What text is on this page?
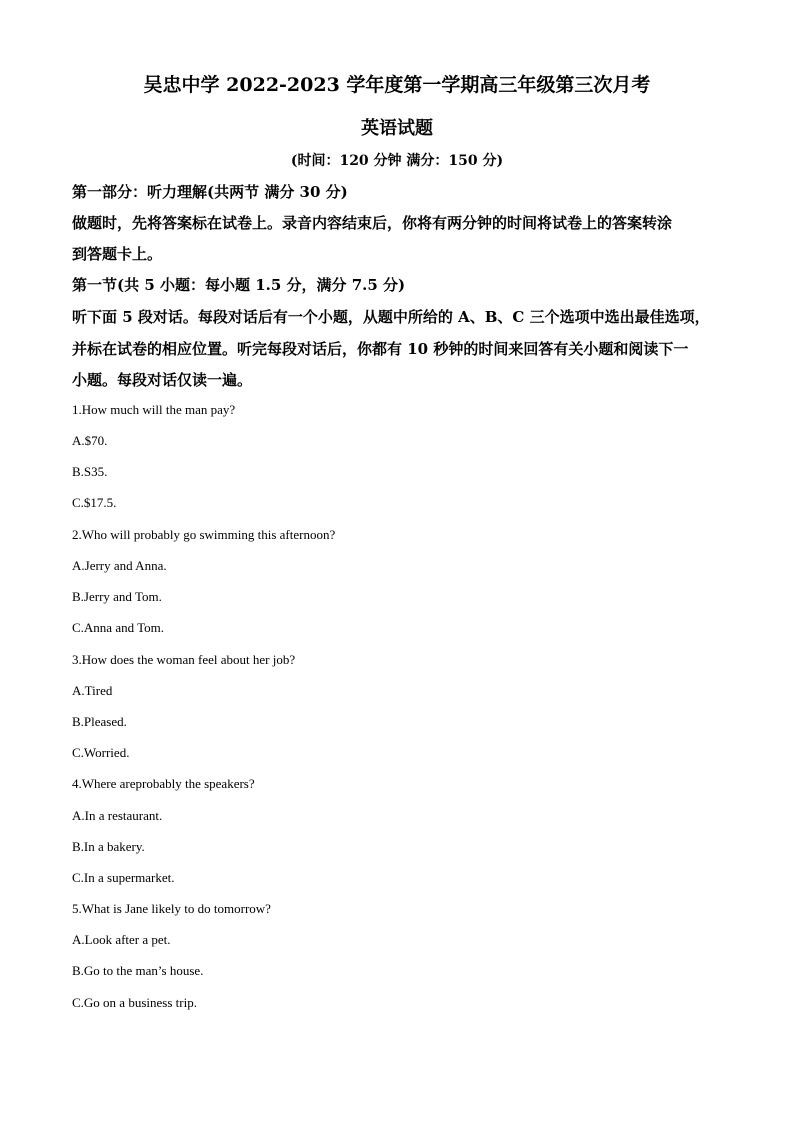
吴忠中学 2022-2023 学年度第一学期高三年级第三次月考
英语试题
(时间：120 分钟 满分：150 分)
第一部分：听力理解(共两节 满分 30 分)
做题时，先将答案标在试卷上。录音内容结束后，你将有两分钟的时间将试卷上的答案转涂
到答题卡上。
第一节(共 5 小题：每小题 1.5 分，满分 7.5 分)
听下面 5 段对话。每段对话后有一个小题，从题中所给的 A、B、C 三个选项中选出最佳选项，
并标在试卷的相应位置。听完每段对话后，你都有 10 秒钟的时间来回答有关小题和阅读下一
小题。每段对话仅读一遍。
1.How much will the man pay?
A.$70.
B.S35.
C.$17.5.
2.Who will probably go swimming this afternoon?
A.Jerry and Anna.
B.Jerry and Tom.
C.Anna and Tom.
3.How does the woman feel about her job?
A.Tired
B.Pleased.
C.Worried.
4.Where areprobably the speakers?
A.In a restaurant.
B.In a bakery.
C.In a supermarket.
5.What is Jane likely to do tomorrow?
A.Look after a pet.
B.Go to the man’s house.
C.Go on a business trip.
